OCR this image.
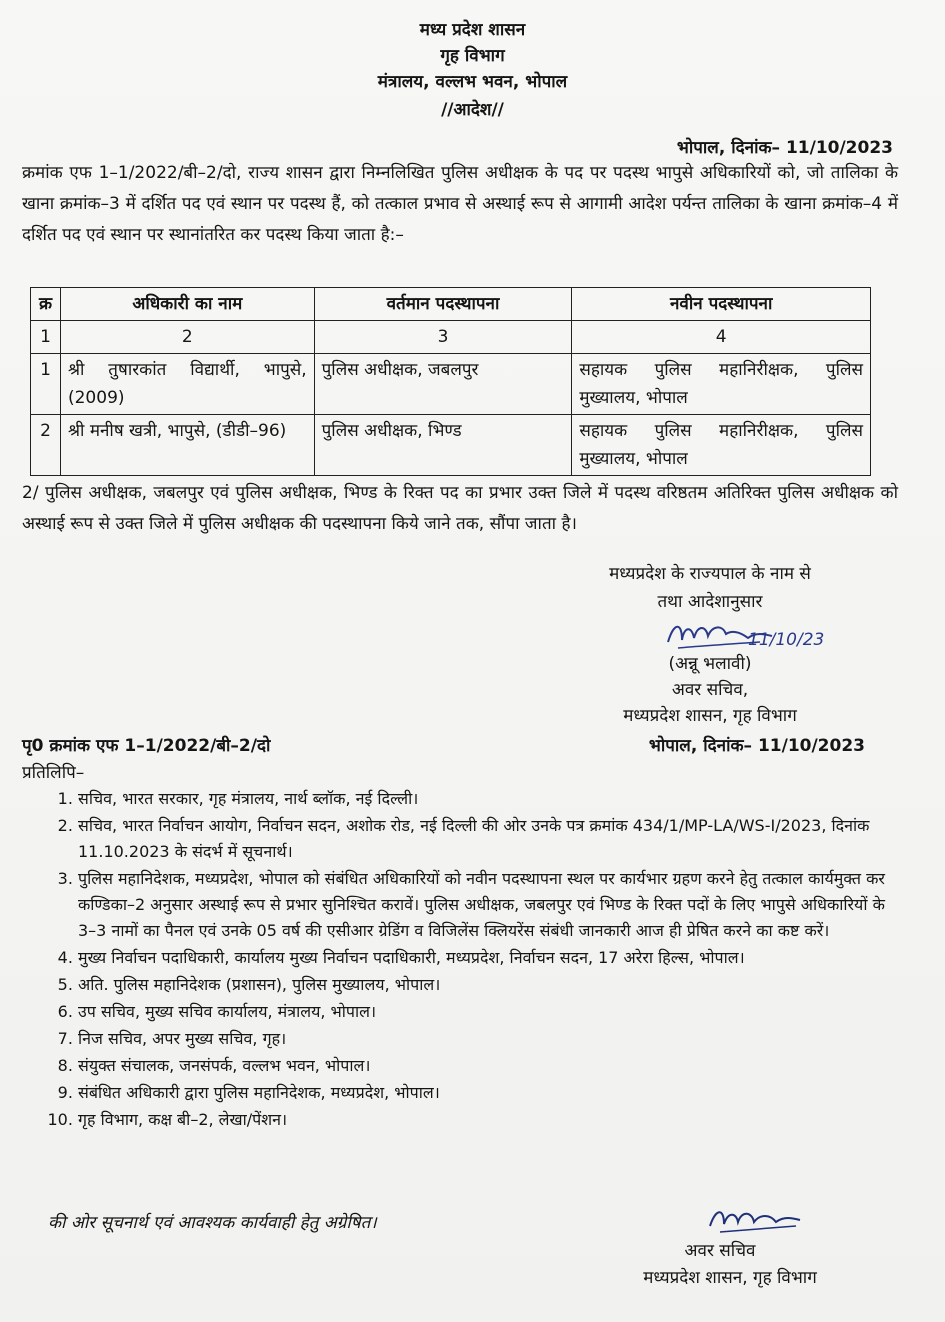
मध्य प्रदेश शासन
गृह विभाग
मंत्रालय, वल्लभ भवन, भोपाल
//आदेश//
भोपाल, दिनांक– 11/10/2023
क्रमांक एफ 1–1/2022/बी–2/दो, राज्य शासन द्वारा निम्नलिखित पुलिस अधीक्षक के पद पर पदस्थ भापुसे अधिकारियों को, जो तालिका के खाना क्रमांक–3 में दर्शित पद एवं स्थान पर पदस्थ हैं, को तत्काल प्रभाव से अस्थाई रूप से आगामी आदेश पर्यन्त तालिका के खाना क्रमांक–4 में दर्शित पद एवं स्थान पर स्थानांतरित कर पदस्थ किया जाता है:–
क्र	अधिकारी का नाम	वर्तमान पदस्थापना	नवीन पदस्थापना
1	2	3	4
1	श्री तुषारकांत विद्यार्थी, भापुसे, (2009)	पुलिस अधीक्षक, जबलपुर	सहायक पुलिस महानिरीक्षक, पुलिस मुख्यालय, भोपाल
2	श्री मनीष खत्री, भापुसे, (डीडी–96)	पुलिस अधीक्षक, भिण्ड	सहायक पुलिस महानिरीक्षक, पुलिस मुख्यालय, भोपाल
2/ पुलिस अधीक्षक, जबलपुर एवं पुलिस अधीक्षक, भिण्ड के रिक्त पद का प्रभार उक्त जिले में पदस्थ वरिष्ठतम अतिरिक्त पुलिस अधीक्षक को अस्थाई रूप से उक्त जिले में पुलिस अधीक्षक की पदस्थापना किये जाने तक, सौंपा जाता है।
मध्यप्रदेश के राज्यपाल के नाम से
तथा आदेशानुसार
11/10/23
(अन्नू भलावी)
अवर सचिव,
मध्यप्रदेश शासन, गृह विभाग
पृ0 क्रमांक एफ 1–1/2022/बी–2/दो	भोपाल, दिनांक– 11/10/2023
प्रतिलिपि–
1. सचिव, भारत सरकार, गृह मंत्रालय, नार्थ ब्लॉक, नई दिल्ली।
2. सचिव, भारत निर्वाचन आयोग, निर्वाचन सदन, अशोक रोड, नई दिल्ली की ओर उनके पत्र क्रमांक 434/1/MP-LA/WS-I/2023, दिनांक 11.10.2023 के संदर्भ में सूचनार्थ।
3. पुलिस महानिदेशक, मध्यप्रदेश, भोपाल को संबंधित अधिकारियों को नवीन पदस्थापना स्थल पर कार्यभार ग्रहण करने हेतु तत्काल कार्यमुक्त कर कण्डिका–2 अनुसार अस्थाई रूप से प्रभार सुनिश्चित करावें। पुलिस अधीक्षक, जबलपुर एवं भिण्ड के रिक्त पदों के लिए भापुसे अधिकारियों के 3–3 नामों का पैनल एवं उनके 05 वर्ष की एसीआर ग्रेडिंग व विजिलेंस क्लियरेंस संबंधी जानकारी आज ही प्रेषित करने का कष्ट करें।
4. मुख्य निर्वाचन पदाधिकारी, कार्यालय मुख्य निर्वाचन पदाधिकारी, मध्यप्रदेश, निर्वाचन सदन, 17 अरेरा हिल्स, भोपाल।
5. अति. पुलिस महानिदेशक (प्रशासन), पुलिस मुख्यालय, भोपाल।
6. उप सचिव, मुख्य सचिव कार्यालय, मंत्रालय, भोपाल।
7. निज सचिव, अपर मुख्य सचिव, गृह।
8. संयुक्त संचालक, जनसंपर्क, वल्लभ भवन, भोपाल।
9. संबंधित अधिकारी द्वारा पुलिस महानिदेशक, मध्यप्रदेश, भोपाल।
10. गृह विभाग, कक्ष बी–2, लेखा/पेंशन।
की ओर सूचनार्थ एवं आवश्यक कार्यवाही हेतु अग्रेषित।
अवर सचिव
मध्यप्रदेश शासन, गृह विभाग
